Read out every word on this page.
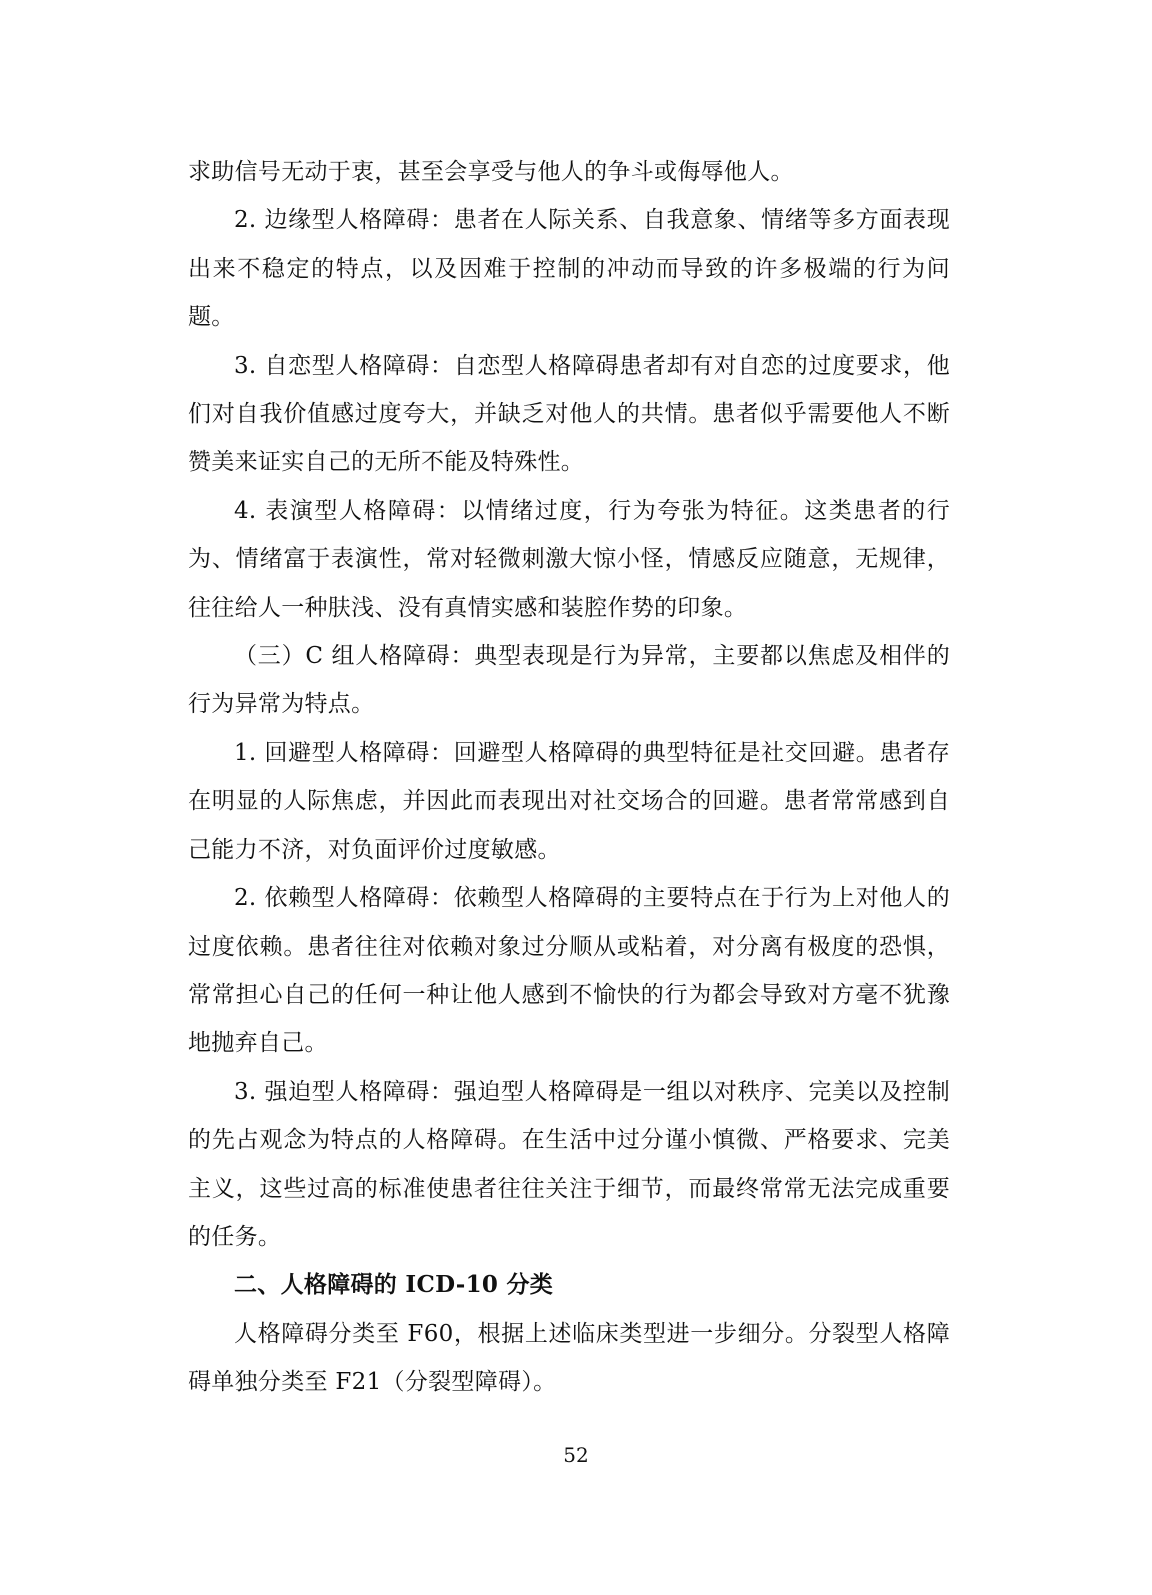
求助信号无动于衷，甚至会享受与他人的争斗或侮辱他人。

2. 边缘型人格障碍：患者在人际关系、自我意象、情绪等多方面表现出来不稳定的特点，以及因难于控制的冲动而导致的许多极端的行为问题。

3. 自恋型人格障碍：自恋型人格障碍患者却有对自恋的过度要求，他们对自我价值感过度夸大，并缺乏对他人的共情。患者似乎需要他人不断赞美来证实自己的无所不能及特殊性。

4. 表演型人格障碍：以情绪过度，行为夸张为特征。这类患者的行为、情绪富于表演性，常对轻微刺激大惊小怪，情感反应随意，无规律，往往给人一种肤浅、没有真情实感和装腔作势的印象。

（三）C 组人格障碍：典型表现是行为异常，主要都以焦虑及相伴的行为异常为特点。

1. 回避型人格障碍：回避型人格障碍的典型特征是社交回避。患者存在明显的人际焦虑，并因此而表现出对社交场合的回避。患者常常感到自己能力不济，对负面评价过度敏感。

2. 依赖型人格障碍：依赖型人格障碍的主要特点在于行为上对他人的过度依赖。患者往往对依赖对象过分顺从或粘着，对分离有极度的恐惧，常常担心自己的任何一种让他人感到不愉快的行为都会导致对方毫不犹豫地抛弃自己。

3. 强迫型人格障碍：强迫型人格障碍是一组以对秩序、完美以及控制的先占观念为特点的人格障碍。在生活中过分谨小慎微、严格要求、完美主义，这些过高的标准使患者往往关注于细节，而最终常常无法完成重要的任务。

二、人格障碍的 ICD-10 分类

人格障碍分类至 F60，根据上述临床类型进一步细分。分裂型人格障碍单独分类至 F21（分裂型障碍）。

52
